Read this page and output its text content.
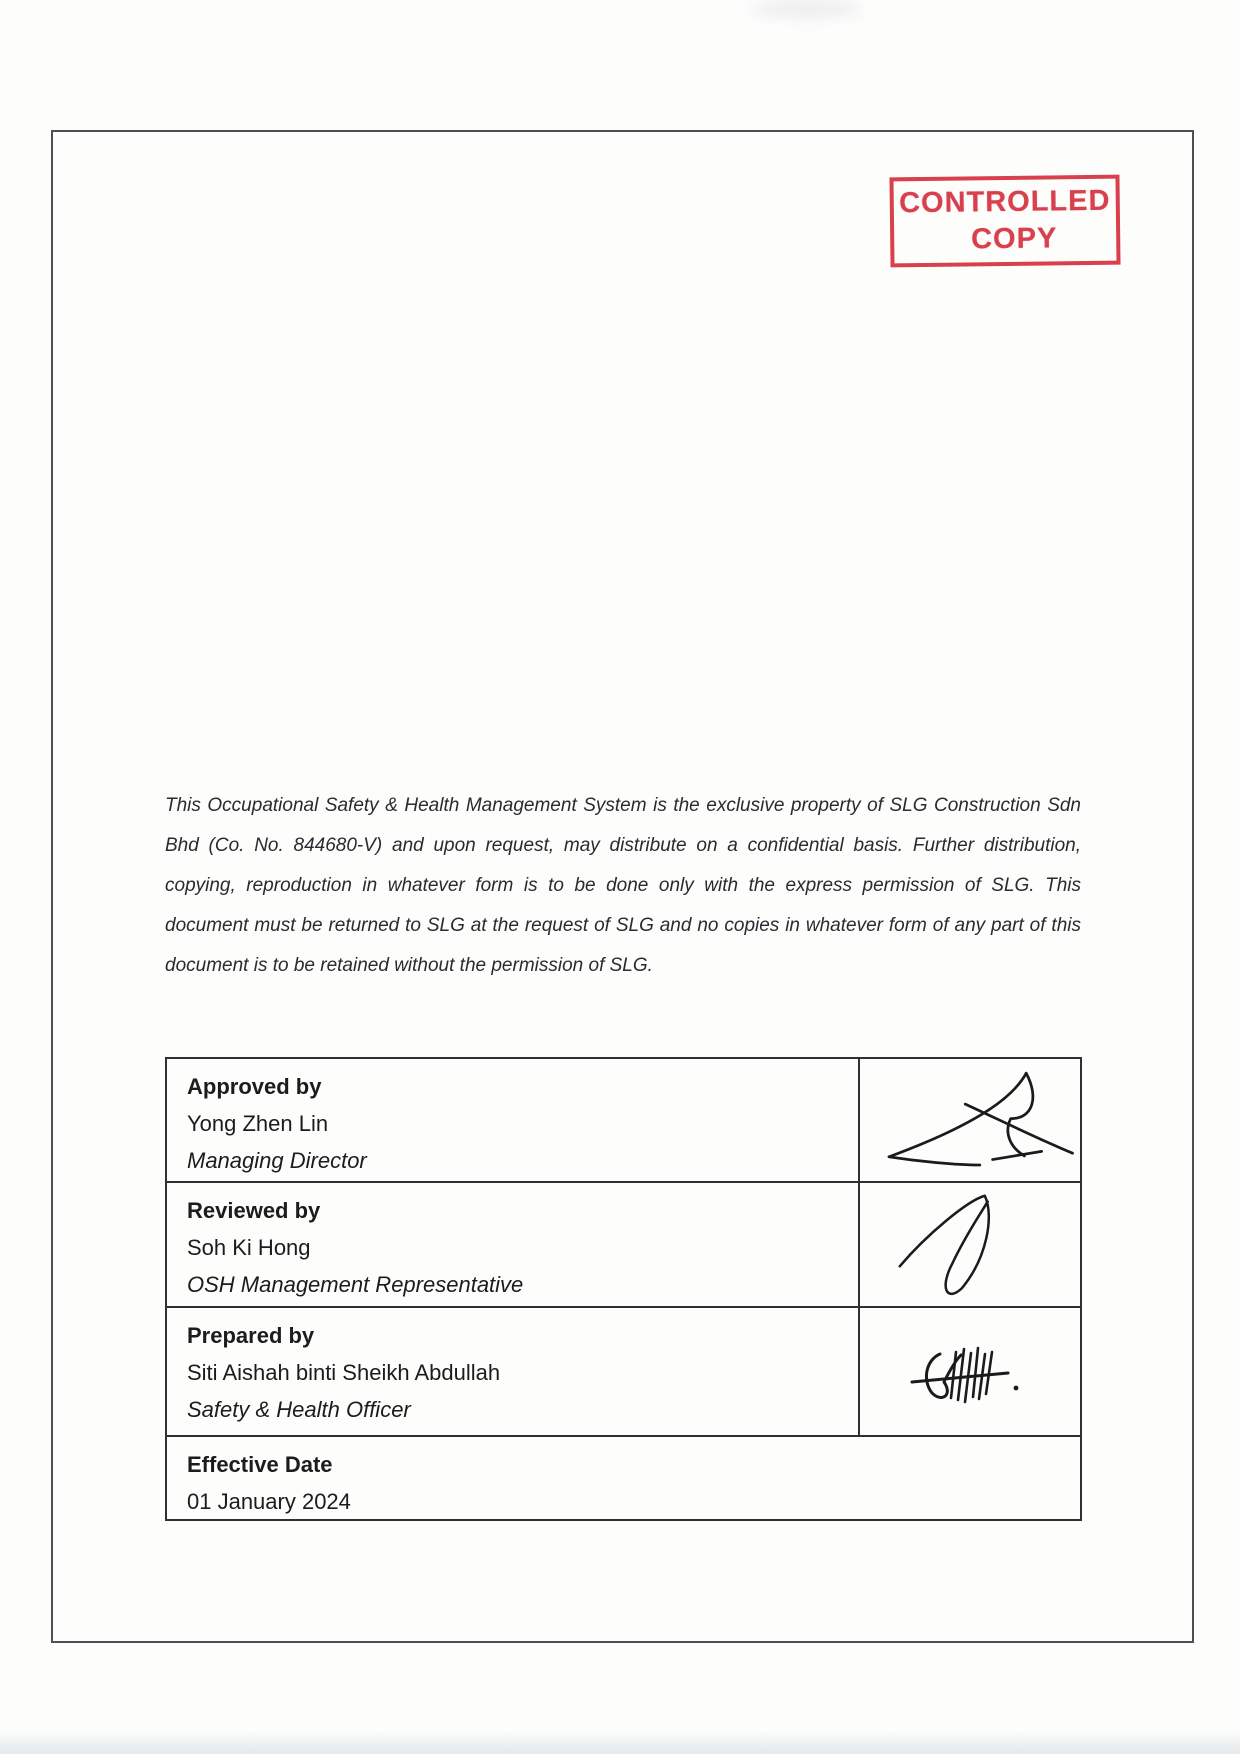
CONTROLLED
COPY
This Occupational Safety & Health Management System is the exclusive property of SLG Construction Sdn
Bhd (Co. No. 844680-V) and upon request, may distribute on a confidential basis. Further distribution,
copying, reproduction in whatever form is to be done only with the express permission of SLG. This
document must be returned to SLG at the request of SLG and no copies in whatever form of any part of this
document is to be retained without the permission of SLG.
Approved by
Yong Zhen Lin
Managing Director
Reviewed by
Soh Ki Hong
OSH Management Representative
Prepared by
Siti Aishah binti Sheikh Abdullah
Safety & Health Officer
Effective Date
01 January 2024
